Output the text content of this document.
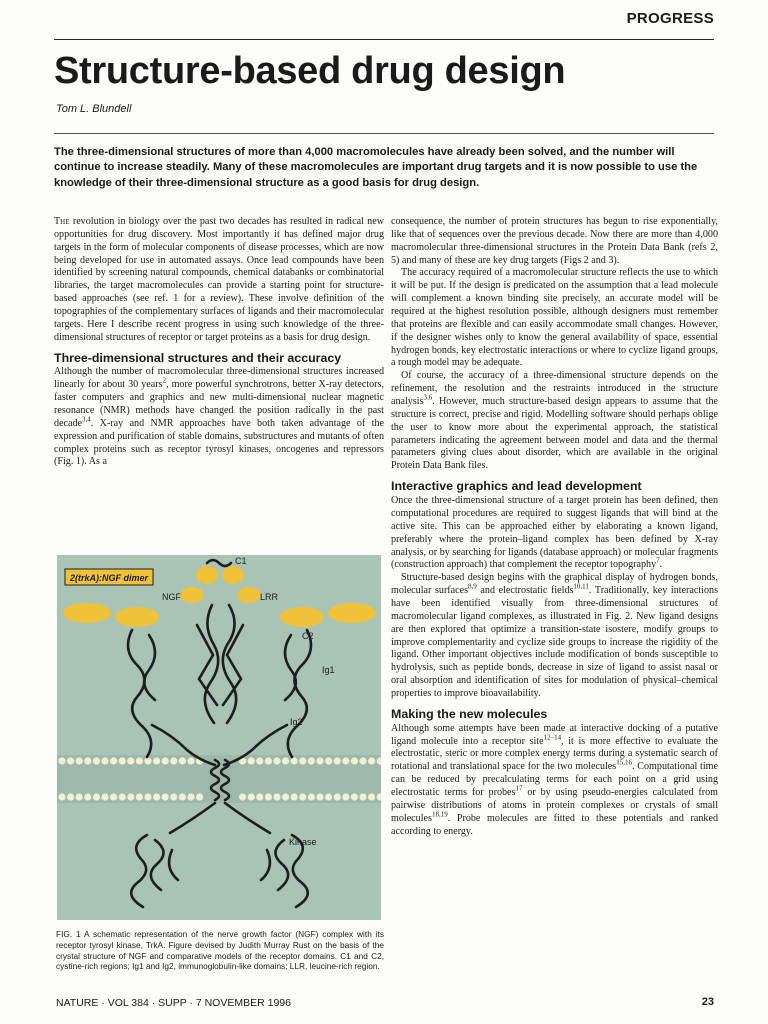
PROGRESS
Structure-based drug design
Tom L. Blundell

The three-dimensional structures of more than 4,000 macromolecules have already been solved, and the number will continue to increase steadily. Many of these macromolecules are important drug targets and it is now possible to use the knowledge of their three-dimensional structure as a good basis for drug design.

The revolution in biology over the past two decades has resulted in radical new opportunities for drug discovery. Most importantly it has defined major drug targets in the form of molecular components of disease processes, which are now being developed for use in automated assays. Once lead compounds have been identified by screening natural compounds, chemical databanks or combinatorial libraries, the target macromolecules can provide a starting point for structure-based approaches (see ref. 1 for a review). These involve definition of the topographies of the complementary surfaces of ligands and their macromolecular targets. Here I describe recent progress in using such knowledge of the three-dimensional structures of receptor or target proteins as a basis for drug design.

Three-dimensional structures and their accuracy

Although the number of macromolecular three-dimensional structures increased linearly for about 30 years$^2$, more powerful synchrotrons, better X-ray detectors, faster computers and graphics and new multi-dimensional nuclear magnetic resonance (NMR) methods have changed the position radically in the past decade$^{3,4}$. X-ray and NMR approaches have both taken advantage of the expression and purification of stable domains, substructures and mutants of often complex proteins such as receptor tyrosyl kinases, oncogenes and repressors (Fig. 1). As a

2(trkA):NGF dimer
C1
LRR
NGF
C2
Ig1
Ig2
Kinase

FIG. 1 A schematic representation of the nerve growth factor (NGF) complex with its receptor tyrosyl kinase, TrkA. Figure devised by Judith Murray Rust on the basis of the crystal structure of NGF and comparative models of the receptor domains. C1 and C2, cystine-rich regions; Ig1 and Ig2, immunoglobulin-like domains; LLR, leucine-rich region.

consequence, the number of protein structures has begun to rise exponentially, like that of sequences over the previous decade. Now there are more than 4,000 macromolecular three-dimensional structures in the Protein Data Bank (refs 2, 5) and many of these are key drug targets (Figs 2 and 3).

The accuracy required of a macromolecular structure reflects the use to which it will be put. If the design is predicated on the assumption that a lead molecule will complement a known binding site precisely, an accurate model will be required at the highest resolution possible, although designers must remember that proteins are flexible and can easily accommodate small changes. However, if the designer wishes only to know the general availability of space, essential hydrogen bonds, key electrostatic interactions or where to cyclize ligand groups, a rough model may be adequate.

Of course, the accuracy of a three-dimensional structure depends on the refinement, the resolution and the restraints introduced in the structure analysis$^{3,6}$. However, much structure-based design appears to assume that the structure is correct, precise and rigid. Modelling software should perhaps oblige the user to know more about the experimental approach, the statistical parameters indicating the agreement between model and data and the thermal parameters giving clues about disorder, which are available in the original Protein Data Bank files.

Interactive graphics and lead development

Once the three-dimensional structure of a target protein has been defined, then computational procedures are required to suggest ligands that will bind at the active site. This can be approached either by elaborating a known ligand, preferably where the protein–ligand complex has been defined by X-ray analysis, or by searching for ligands (database approach) or molecular fragments (construction approach) that complement the receptor topography$^7$.

Structure-based design begins with the graphical display of hydrogen bonds, molecular surfaces$^{8,9}$ and electrostatic fields$^{10,11}$. Traditionally, key interactions have been identified visually from three-dimensional structures of macromolecular ligand complexes, as illustrated in Fig. 2. New ligand designs are then explored that optimize a transition-state isostere, modify groups to improve complementarity and cyclize side groups to increase the rigidity of the ligand. Other important objectives include modification of bonds susceptible to hydrolysis, such as peptide bonds, decrease in size of ligand to assist nasal or oral absorption and identification of sites for modulation of physical–chemical properties to improve bioavailability.

Making the new molecules

Although some attempts have been made at interactive docking of a putative ligand molecule into a receptor site$^{12-14}$, it is more effective to evaluate the electrostatic, steric or more complex energy terms during a systematic search of rotational and translational space for the two molecules$^{15,16}$. Computational time can be reduced by precalculating terms for each point on a grid using electrostatic terms for probes$^{17}$ or by using pseudo-energies calculated from pairwise distributions of atoms in protein complexes or crystals of small molecules$^{18,19}$. Probe molecules are fitted to these potentials and ranked according to energy.

NATURE · VOL 384 · SUPP · 7 NOVEMBER 1996	23
